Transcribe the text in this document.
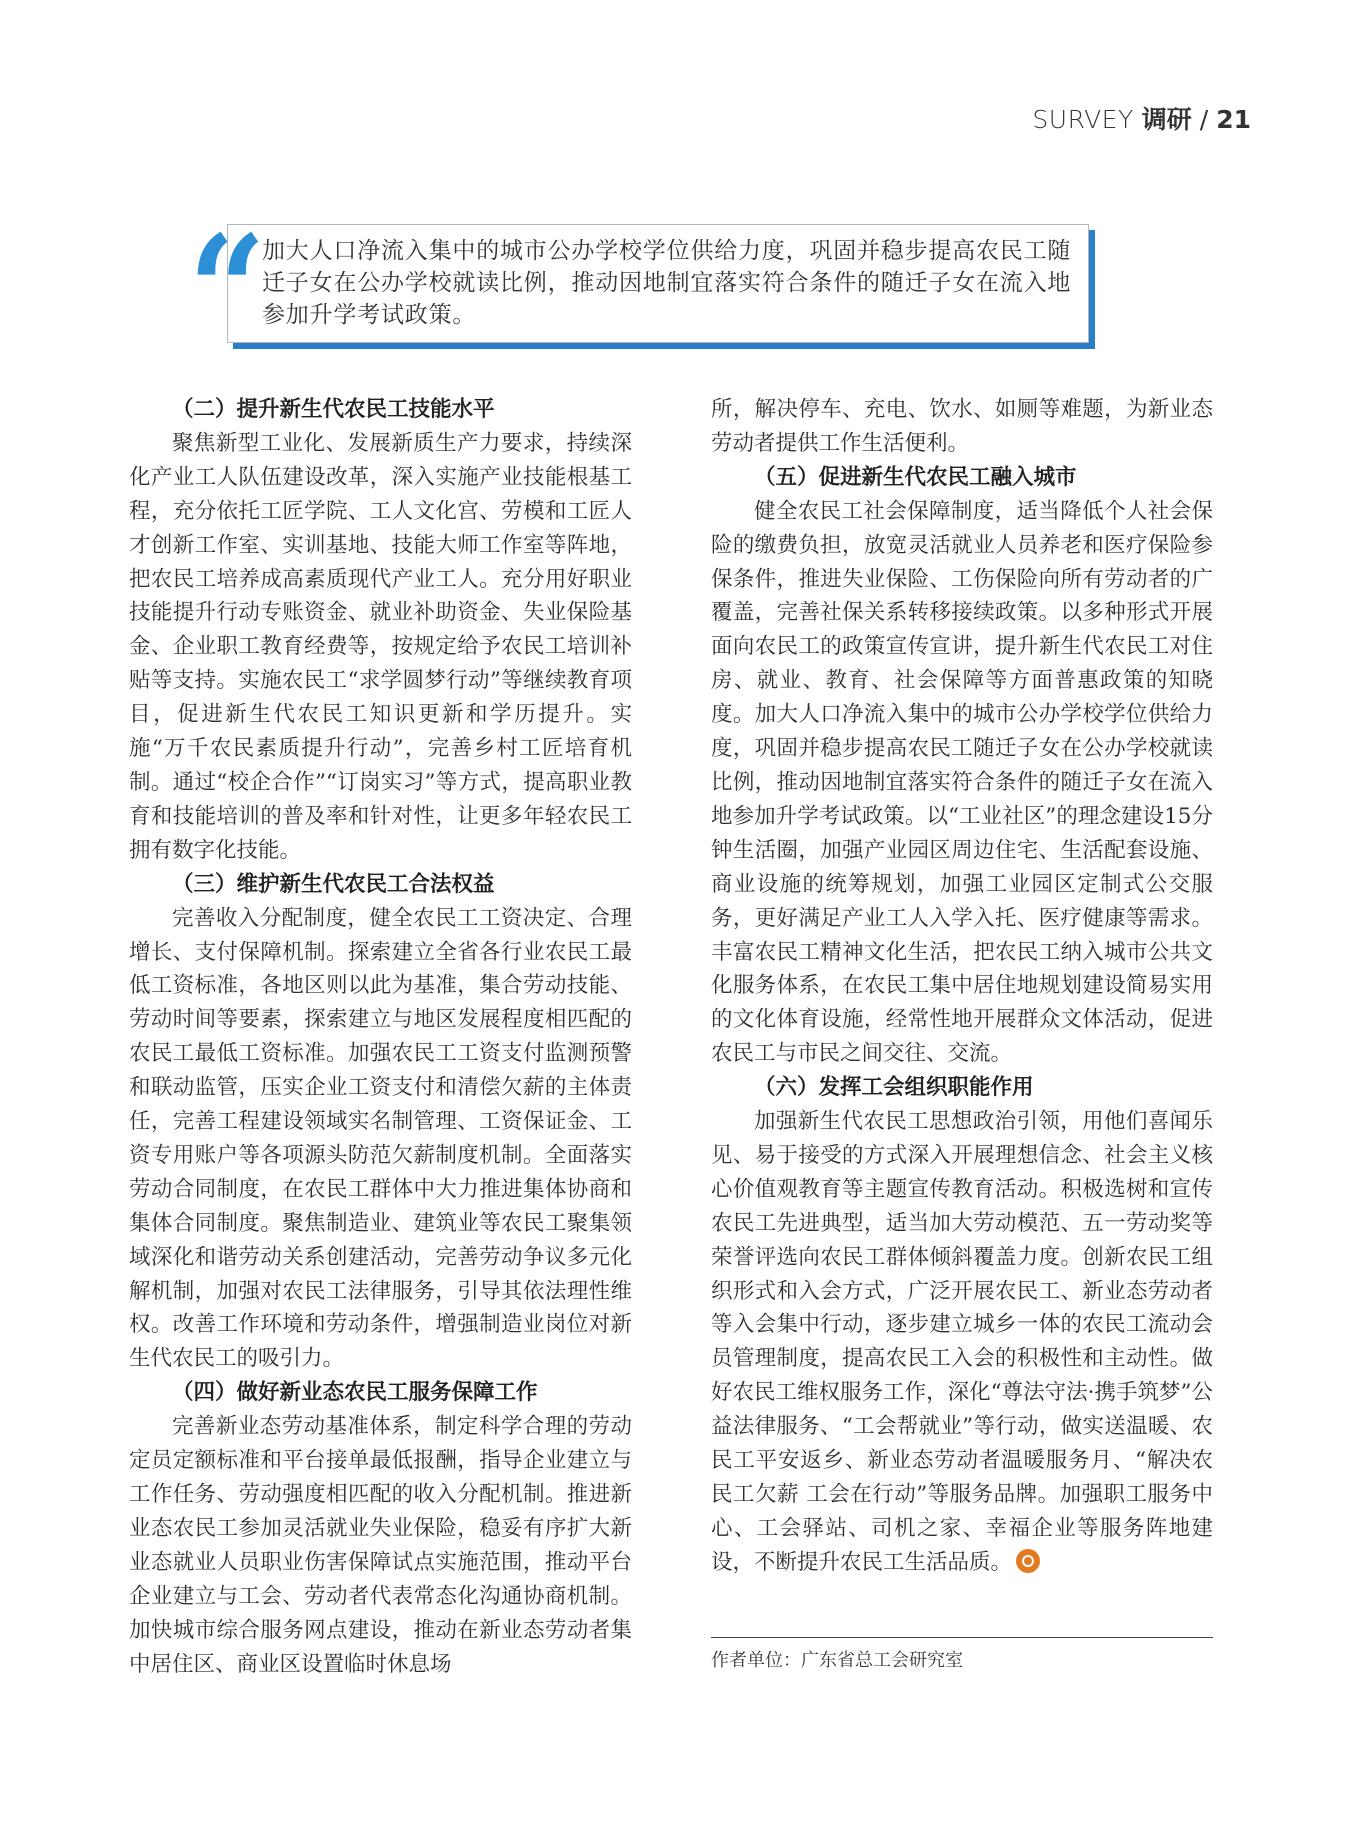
SURVEY 调研 / 21
“
加大人口净流入集中的城市公办学校学位供给力度，巩固并稳步提高农民工随迁子女在公办学校就读比例，推动因地制宜落实符合条件的随迁子女在流入地参加升学考试政策。
（二）提升新生代农民工技能水平

聚焦新型工业化、发展新质生产力要求，持续深化产业工人队伍建设改革，深入实施产业技能根基工程，充分依托工匠学院、工人文化宫、劳模和工匠人才创新工作室、实训基地、技能大师工作室等阵地，把农民工培养成高素质现代产业工人。充分用好职业技能提升行动专账资金、就业补助资金、失业保险基金、企业职工教育经费等，按规定给予农民工培训补贴等支持。实施农民工“求学圆梦行动”等继续教育项目，促进新生代农民工知识更新和学历提升。实施“万千农民素质提升行动”，完善乡村工匠培育机制。通过“校企合作”“订岗实习”等方式，提高职业教育和技能培训的普及率和针对性，让更多年轻农民工拥有数字化技能。

（三）维护新生代农民工合法权益

完善收入分配制度，健全农民工工资决定、合理增长、支付保障机制。探索建立全省各行业农民工最低工资标准，各地区则以此为基准，集合劳动技能、劳动时间等要素，探索建立与地区发展程度相匹配的农民工最低工资标准。加强农民工工资支付监测预警和联动监管，压实企业工资支付和清偿欠薪的主体责任，完善工程建设领域实名制管理、工资保证金、工资专用账户等各项源头防范欠薪制度机制。全面落实劳动合同制度，在农民工群体中大力推进集体协商和集体合同制度。聚焦制造业、建筑业等农民工聚集领域深化和谐劳动关系创建活动，完善劳动争议多元化解机制，加强对农民工法律服务，引导其依法理性维权。改善工作环境和劳动条件，增强制造业岗位对新生代农民工的吸引力。

（四）做好新业态农民工服务保障工作

完善新业态劳动基准体系，制定科学合理的劳动定员定额标准和平台接单最低报酬，指导企业建立与工作任务、劳动强度相匹配的收入分配机制。推进新业态农民工参加灵活就业失业保险，稳妥有序扩大新业态就业人员职业伤害保障试点实施范围，推动平台企业建立与工会、劳动者代表常态化沟通协商机制。加快城市综合服务网点建设，推动在新业态劳动者集中居住区、商业区设置临时休息场

所，解决停车、充电、饮水、如厕等难题，为新业态劳动者提供工作生活便利。

（五）促进新生代农民工融入城市

健全农民工社会保障制度，适当降低个人社会保险的缴费负担，放宽灵活就业人员养老和医疗保险参保条件，推进失业保险、工伤保险向所有劳动者的广覆盖，完善社保关系转移接续政策。以多种形式开展面向农民工的政策宣传宣讲，提升新生代农民工对住房、就业、教育、社会保障等方面普惠政策的知晓度。加大人口净流入集中的城市公办学校学位供给力度，巩固并稳步提高农民工随迁子女在公办学校就读比例，推动因地制宜落实符合条件的随迁子女在流入地参加升学考试政策。以“工业社区”的理念建设15分钟生活圈，加强产业园区周边住宅、生活配套设施、商业设施的统筹规划，加强工业园区定制式公交服务，更好满足产业工人入学入托、医疗健康等需求。丰富农民工精神文化生活，把农民工纳入城市公共文化服务体系，在农民工集中居住地规划建设简易实用的文化体育设施，经常性地开展群众文体活动，促进农民工与市民之间交往、交流。

（六）发挥工会组织职能作用

加强新生代农民工思想政治引领，用他们喜闻乐见、易于接受的方式深入开展理想信念、社会主义核心价值观教育等主题宣传教育活动。积极选树和宣传农民工先进典型，适当加大劳动模范、五一劳动奖等荣誉评选向农民工群体倾斜覆盖力度。创新农民工组织形式和入会方式，广泛开展农民工、新业态劳动者等入会集中行动，逐步建立城乡一体的农民工流动会员管理制度，提高农民工入会的积极性和主动性。做好农民工维权服务工作，深化“尊法守法·携手筑梦”公益法律服务、“工会帮就业”等行动，做实送温暖、农民工平安返乡、新业态劳动者温暖服务月、“解决农民工欠薪 工会在行动”等服务品牌。加强职工服务中心、工会驿站、司机之家、幸福企业等服务阵地建设，不断提升农民工生活品质。

作者单位：广东省总工会研究室
